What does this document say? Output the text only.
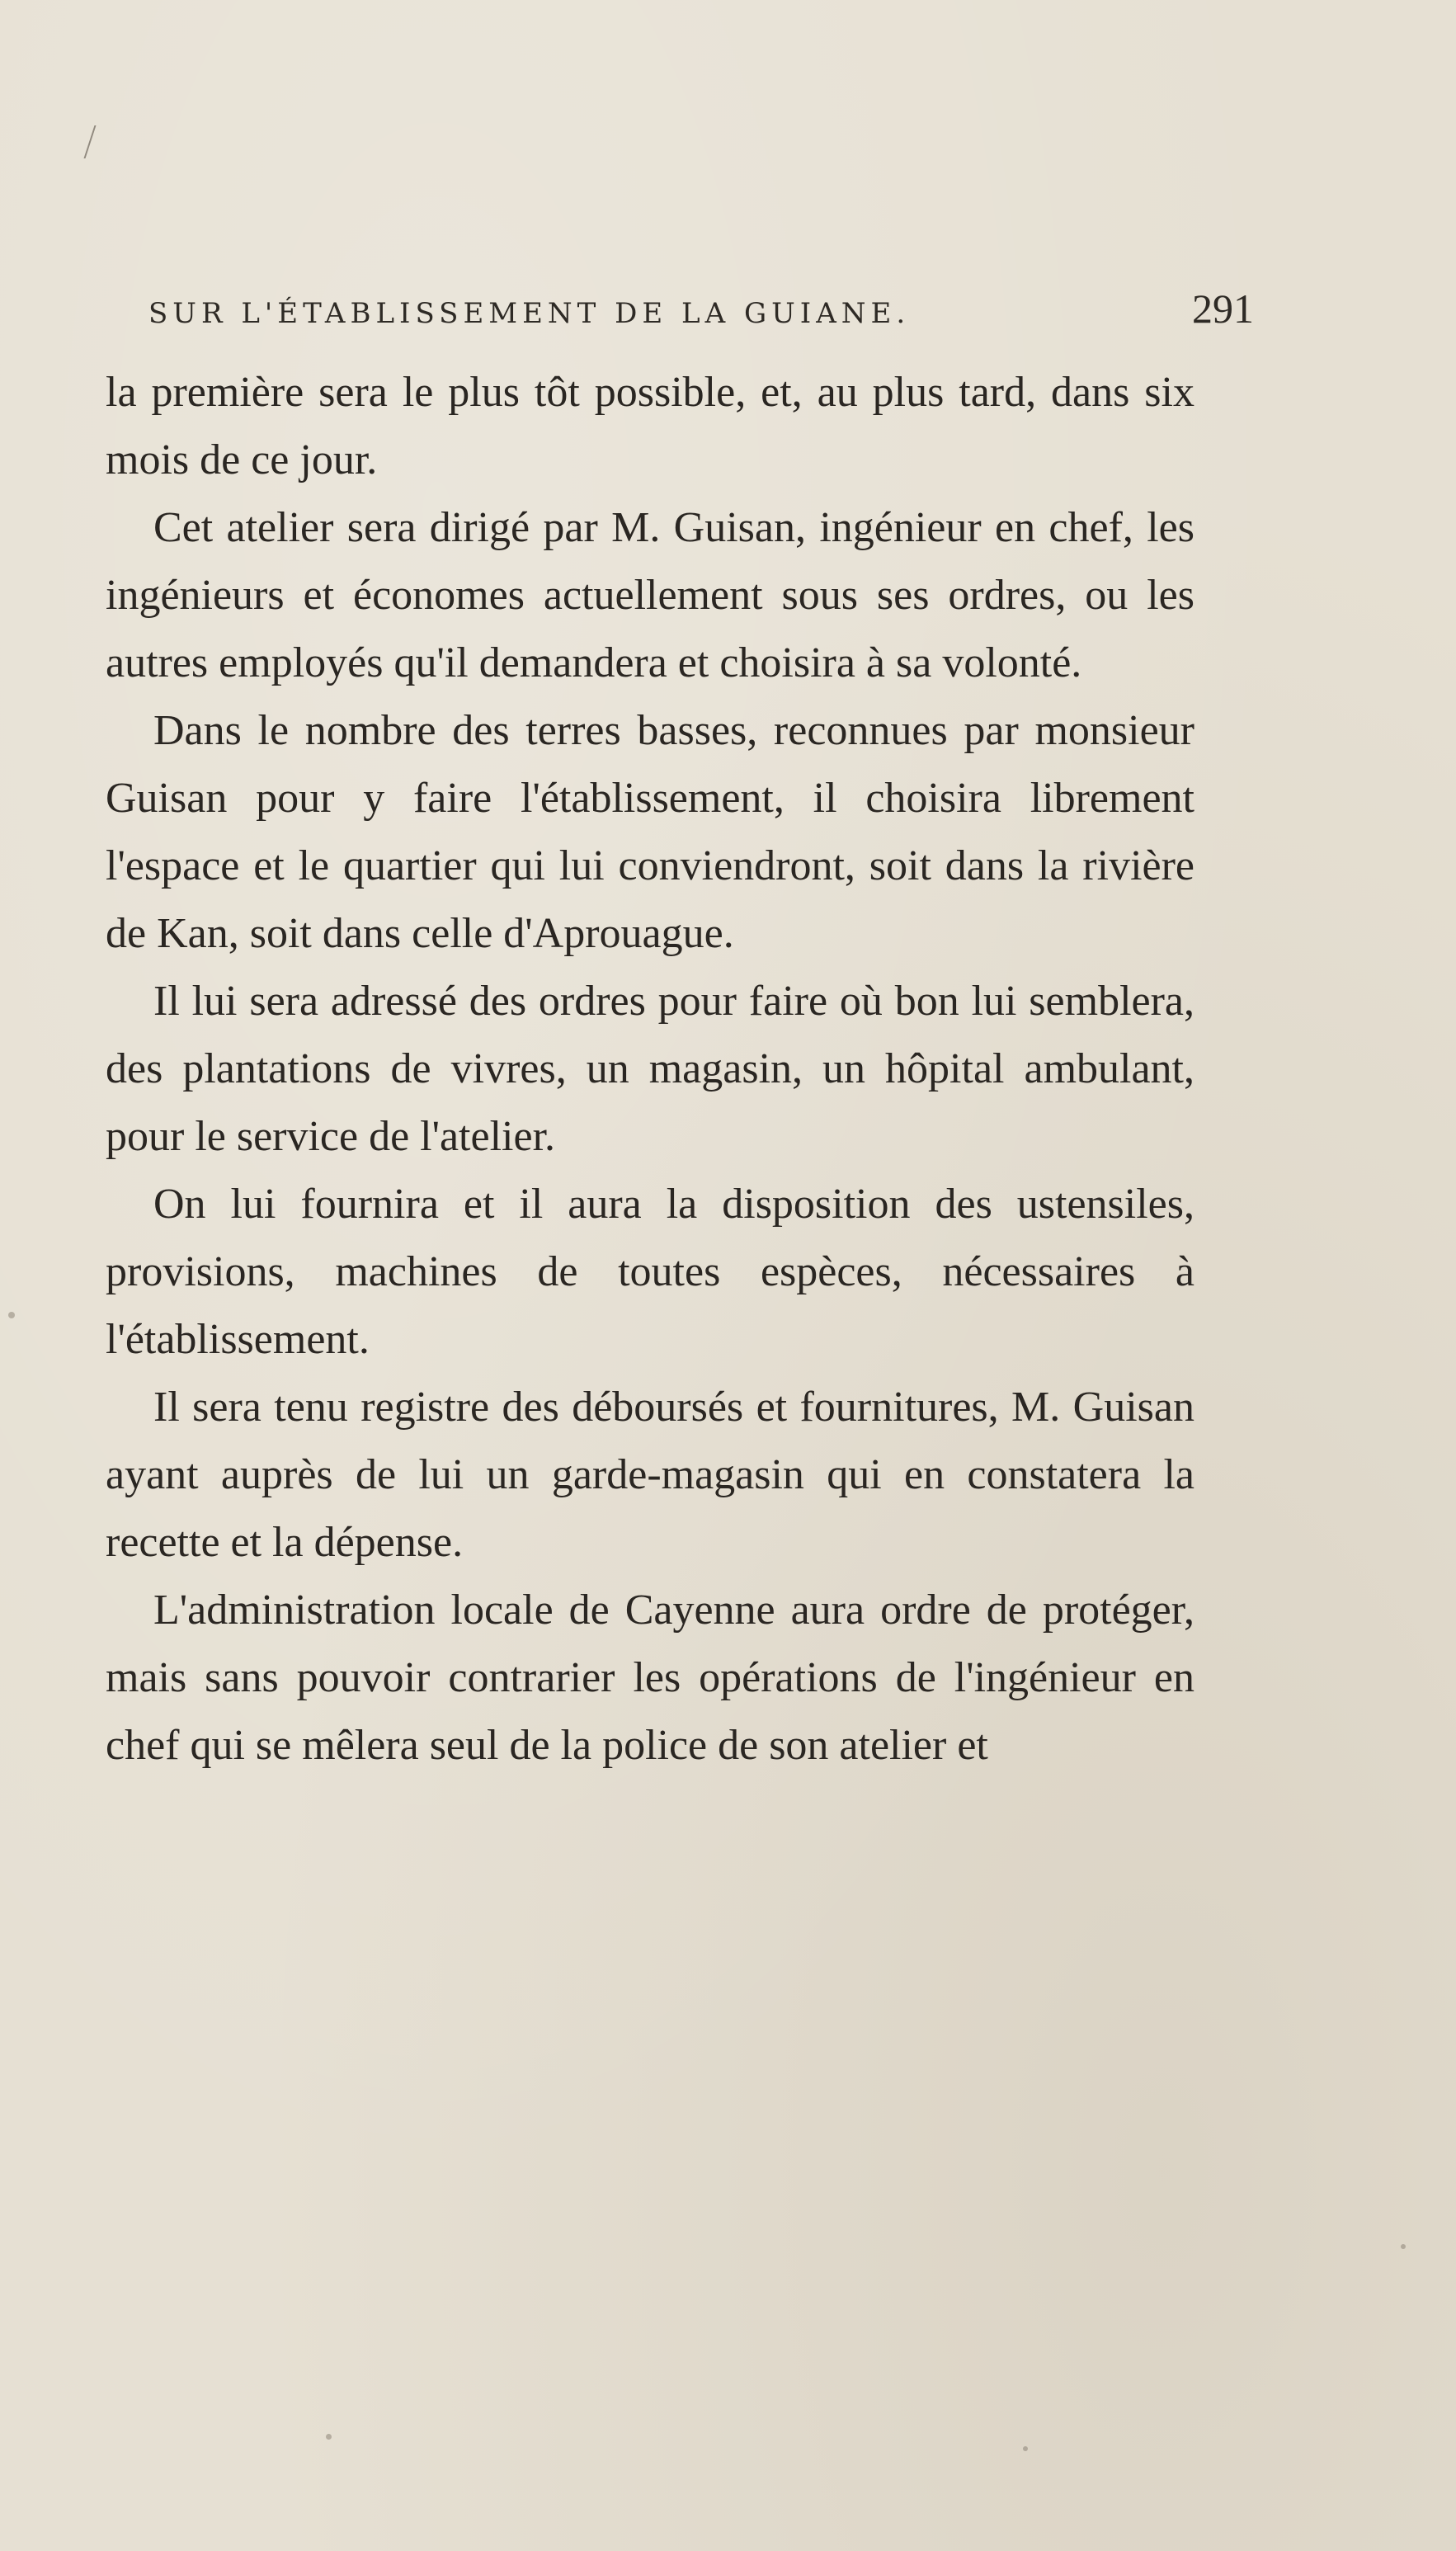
SUR L'ÉTABLISSEMENT DE LA GUIANE.	291

la première sera le plus tôt possible, et, au plus tard, dans six mois de ce jour.

Cet atelier sera dirigé par M. Guisan, ingénieur en chef, les ingénieurs et économes actuellement sous ses ordres, ou les autres employés qu'il demandera et choisira à sa volonté.

Dans le nombre des terres basses, reconnues par monsieur Guisan pour y faire l'établissement, il choisira librement l'espace et le quartier qui lui conviendront, soit dans la rivière de Kan, soit dans celle d'Aprouague.

Il lui sera adressé des ordres pour faire où bon lui semblera, des plantations de vivres, un magasin, un hôpital ambulant, pour le service de l'atelier.

On lui fournira et il aura la disposition des ustensiles, provisions, machines de toutes espèces, nécessaires à l'établissement.

Il sera tenu registre des déboursés et fournitures, M. Guisan ayant auprès de lui un garde-magasin qui en constatera la recette et la dépense.

L'administration locale de Cayenne aura ordre de protéger, mais sans pouvoir contrarier les opérations de l'ingénieur en chef qui se mêlera seul de la police de son atelier et
